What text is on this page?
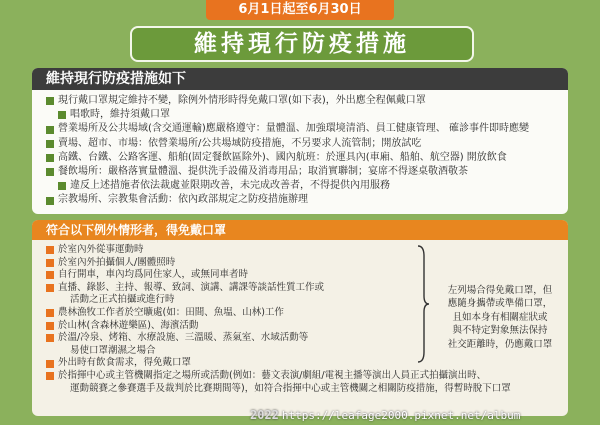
6月1日起至6月30日
維持現行防疫措施
維持現行防疫措施如下
現行戴口罩規定維持不變，除例外情形時得免戴口罩(如下表)，外出應全程佩戴口罩
唱歌時，維持須戴口罩
營業場所及公共場域(含交通運輸)應嚴格遵守：量體溫、加強環境清消、員工健康管理、 確診事件即時應變
賣場、超市、市場：依營業場所/公共場域防疫措施，不另要求人流管制；開放試吃
高鐵、台鐵、公路客運、船舶(固定餐飲區除外)、國內航班：於運具內(車廂、船舶、航空器) 開放飲食
餐飲場所：嚴格落實量體溫、提供洗手設備及消毒用品；取消實聯制；宴席不得逐桌敬酒敬茶
違反上述措施者依法裁處並限期改善，未完成改善者，不得提供內用服務
宗教場所、宗教集會活動：依內政部規定之防疫措施辦理
符合以下例外情形者，得免戴口罩
於室內外從事運動時
於室內外拍攝個人/團體照時
自行開車，車內均爲同住家人，或無同車者時
直播、錄影、主持、報導、致詞、演講、講課等談話性質工作或
活動之正式拍攝或進行時
農林漁牧工作者於空曠處(如：田間、魚塭、山林)工作
於山林(含森林遊樂區)、海濱活動
於溫/冷泉、烤箱、水療設施、三溫暖、蒸氣室、水域活動等
易使口罩潮濕之場合
外出時有飲食需求，得免戴口罩
於指揮中心或主管機關指定之場所或活動(例如：藝文表演/劇組/電視主播等演出人員正式拍攝演出時、
運動競賽之參賽選手及裁判於比賽期間等)，如符合指揮中心或主管機關之相關防疫措施，得暫時脫下口罩
左列場合得免戴口罩，但
應隨身攜帶或準備口罩，
且如本身有相關症狀或
與不特定對象無法保持
社交距離時，仍應戴口罩
2022 https://leafage2000.pixnet.net/album
